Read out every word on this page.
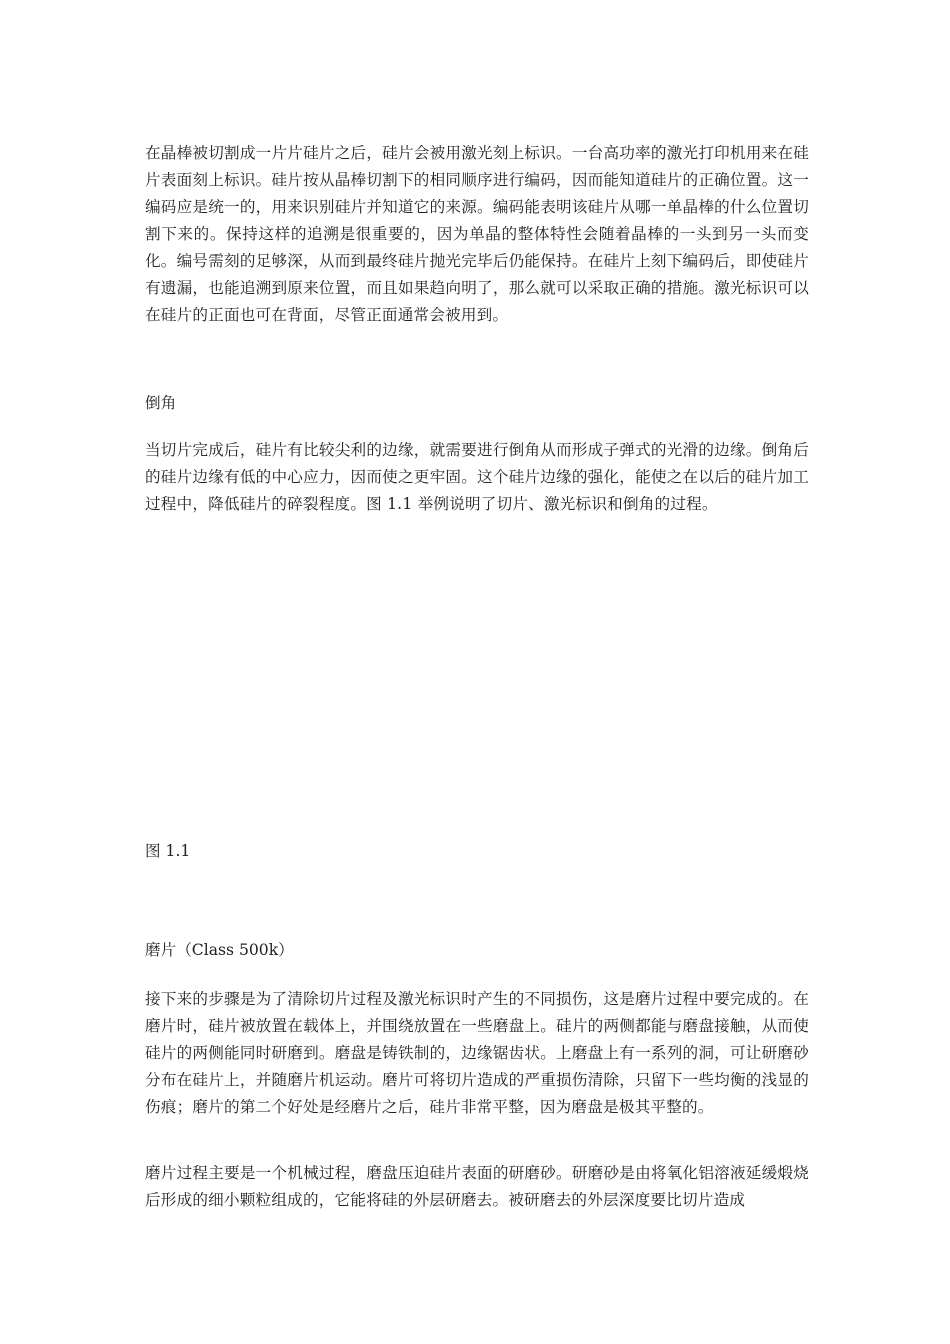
在晶棒被切割成一片片硅片之后，硅片会被用激光刻上标识。一台高功率的激光打印机用来在硅片表面刻上标识。硅片按从晶棒切割下的相同顺序进行编码，因而能知道硅片的正确位置。这一编码应是统一的，用来识别硅片并知道它的来源。编码能表明该硅片从哪一单晶棒的什么位置切割下来的。保持这样的追溯是很重要的，因为单晶的整体特性会随着晶棒的一头到另一头而变化。编号需刻的足够深，从而到最终硅片抛光完毕后仍能保持。在硅片上刻下编码后，即使硅片有遗漏，也能追溯到原来位置，而且如果趋向明了，那么就可以采取正确的措施。激光标识可以在硅片的正面也可在背面，尽管正面通常会被用到。

倒角

当切片完成后，硅片有比较尖利的边缘，就需要进行倒角从而形成子弹式的光滑的边缘。倒角后的硅片边缘有低的中心应力，因而使之更牢固。这个硅片边缘的强化，能使之在以后的硅片加工过程中，降低硅片的碎裂程度。图 1.1 举例说明了切片、激光标识和倒角的过程。

图 1.1

磨片（Class 500k）

接下来的步骤是为了清除切片过程及激光标识时产生的不同损伤，这是磨片过程中要完成的。在磨片时，硅片被放置在载体上，并围绕放置在一些磨盘上。硅片的两侧都能与磨盘接触，从而使硅片的两侧能同时研磨到。磨盘是铸铁制的，边缘锯齿状。上磨盘上有一系列的洞，可让研磨砂分布在硅片上，并随磨片机运动。磨片可将切片造成的严重损伤清除，只留下一些均衡的浅显的伤痕；磨片的第二个好处是经磨片之后，硅片非常平整，因为磨盘是极其平整的。

磨片过程主要是一个机械过程，磨盘压迫硅片表面的研磨砂。研磨砂是由将氧化铝溶液延缓煅烧后形成的细小颗粒组成的，它能将硅的外层研磨去。被研磨去的外层深度要比切片造成
